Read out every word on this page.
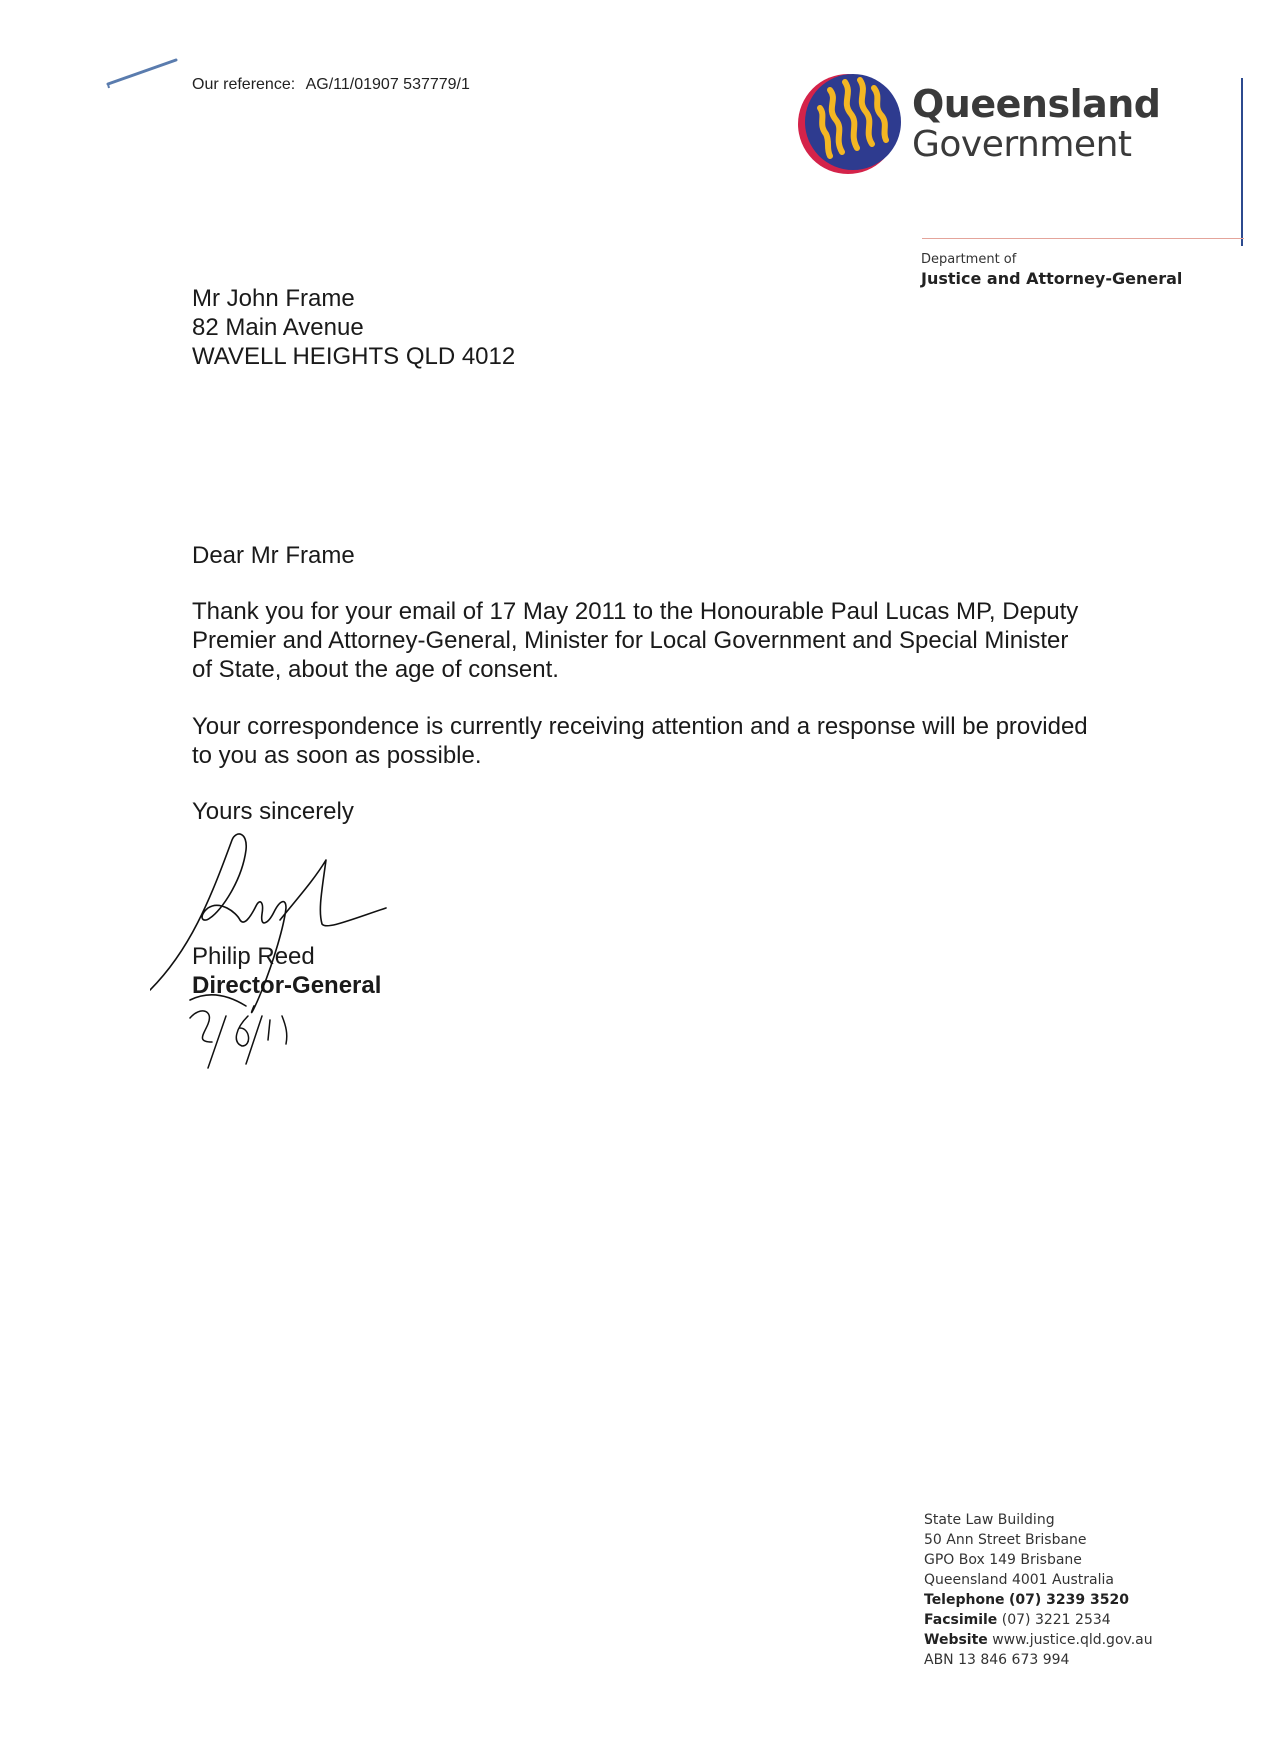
Our reference: AG/11/01907 537779/1	Queensland
Government
Department of
Justice and Attorney-General
Mr John Frame
82 Main Avenue
WAVELL HEIGHTS QLD 4012
Dear Mr Frame
Thank you for your email of 17 May 2011 to the Honourable Paul Lucas MP, Deputy
Premier and Attorney-General, Minister for Local Government and Special Minister
of State, about the age of consent.
Your correspondence is currently receiving attention and a response will be provided
to you as soon as possible.
Yours sincerely
Philip Reed
Director-General
State Law Building
50 Ann Street Brisbane
GPO Box 149 Brisbane
Queensland 4001 Australia
Telephone (07) 3239 3520
Facsimile (07) 3221 2534
Website www.justice.qld.gov.au
ABN 13 846 673 994
